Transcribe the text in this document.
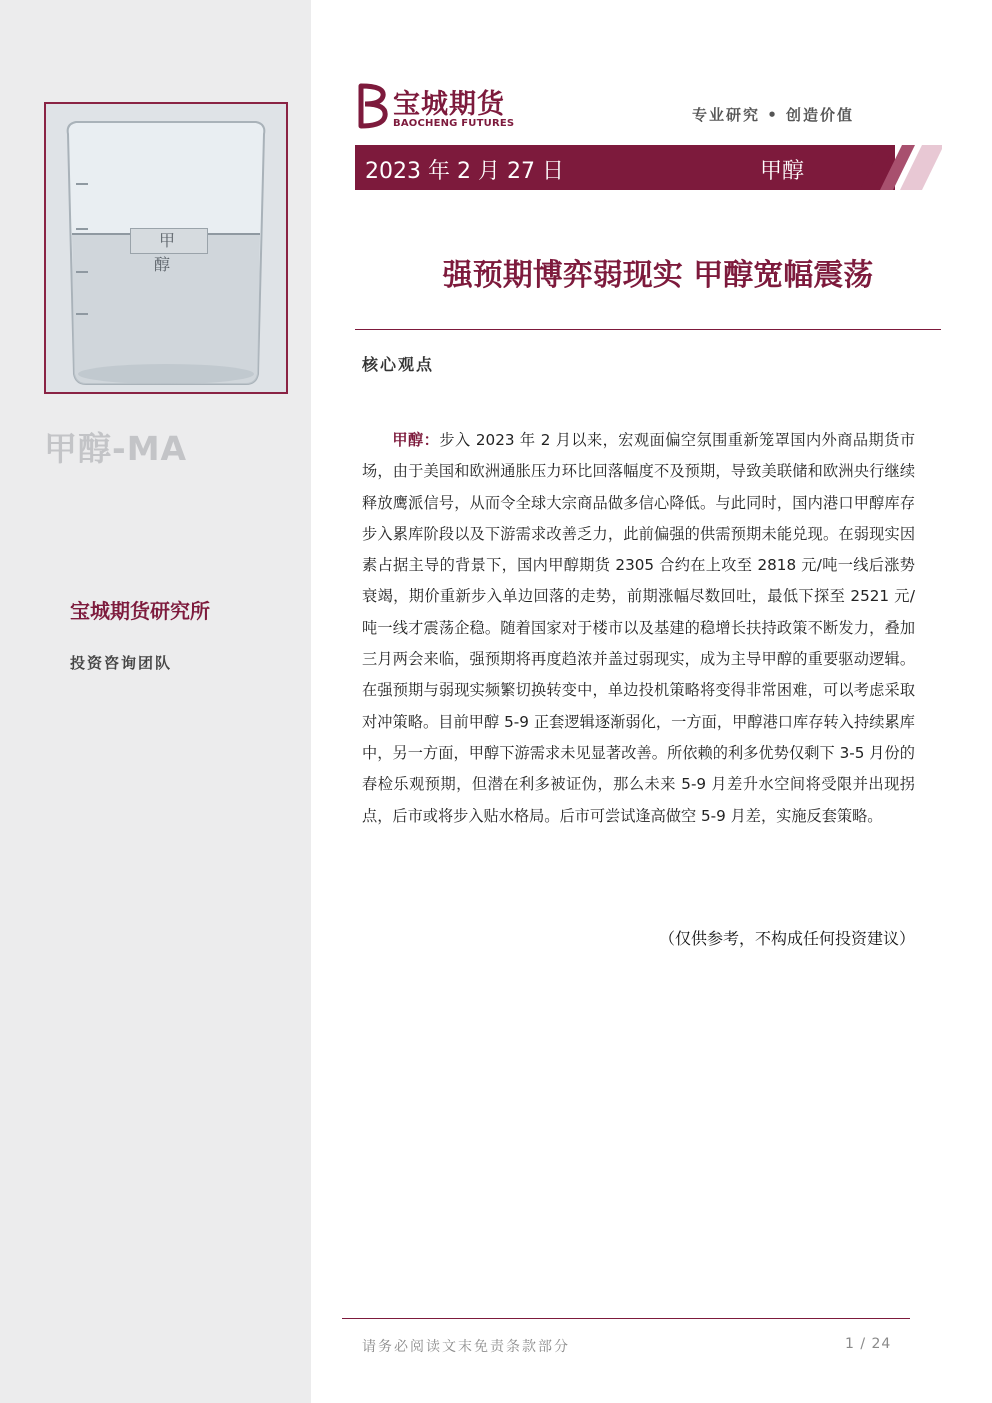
甲 醇
甲醇-MA
宝城期货研究所
投资咨询团队
宝城期货
BAOCHENG FUTURES	专业研究 • 创造价值
2023 年 2 月 27 日	甲醇
强预期博弈弱现实 甲醇宽幅震荡
核心观点
甲醇：步入 2023 年 2 月以来，宏观面偏空氛围重新笼罩国内外商品期货市场，由于美国和欧洲通胀压力环比回落幅度不及预期，导致美联储和欧洲央行继续释放鹰派信号，从而令全球大宗商品做多信心降低。与此同时，国内港口甲醇库存步入累库阶段以及下游需求改善乏力，此前偏强的供需预期未能兑现。在弱现实因素占据主导的背景下，国内甲醇期货 2305 合约在上攻至 2818 元/吨一线后涨势衰竭，期价重新步入单边回落的走势，前期涨幅尽数回吐，最低下探至 2521 元/吨一线才震荡企稳。随着国家对于楼市以及基建的稳增长扶持政策不断发力，叠加三月两会来临，强预期将再度趋浓并盖过弱现实，成为主导甲醇的重要驱动逻辑。在强预期与弱现实频繁切换转变中，单边投机策略将变得非常困难，可以考虑采取对冲策略。目前甲醇 5-9 正套逻辑逐渐弱化，一方面，甲醇港口库存转入持续累库中，另一方面，甲醇下游需求未见显著改善。所依赖的利多优势仅剩下 3-5 月份的春检乐观预期，但潜在利多被证伪，那么未来 5-9 月差升水空间将受限并出现拐点，后市或将步入贴水格局。后市可尝试逢高做空 5-9 月差，实施反套策略。
（仅供参考，不构成任何投资建议）
请务必阅读文末免责条款部分	1 / 24
